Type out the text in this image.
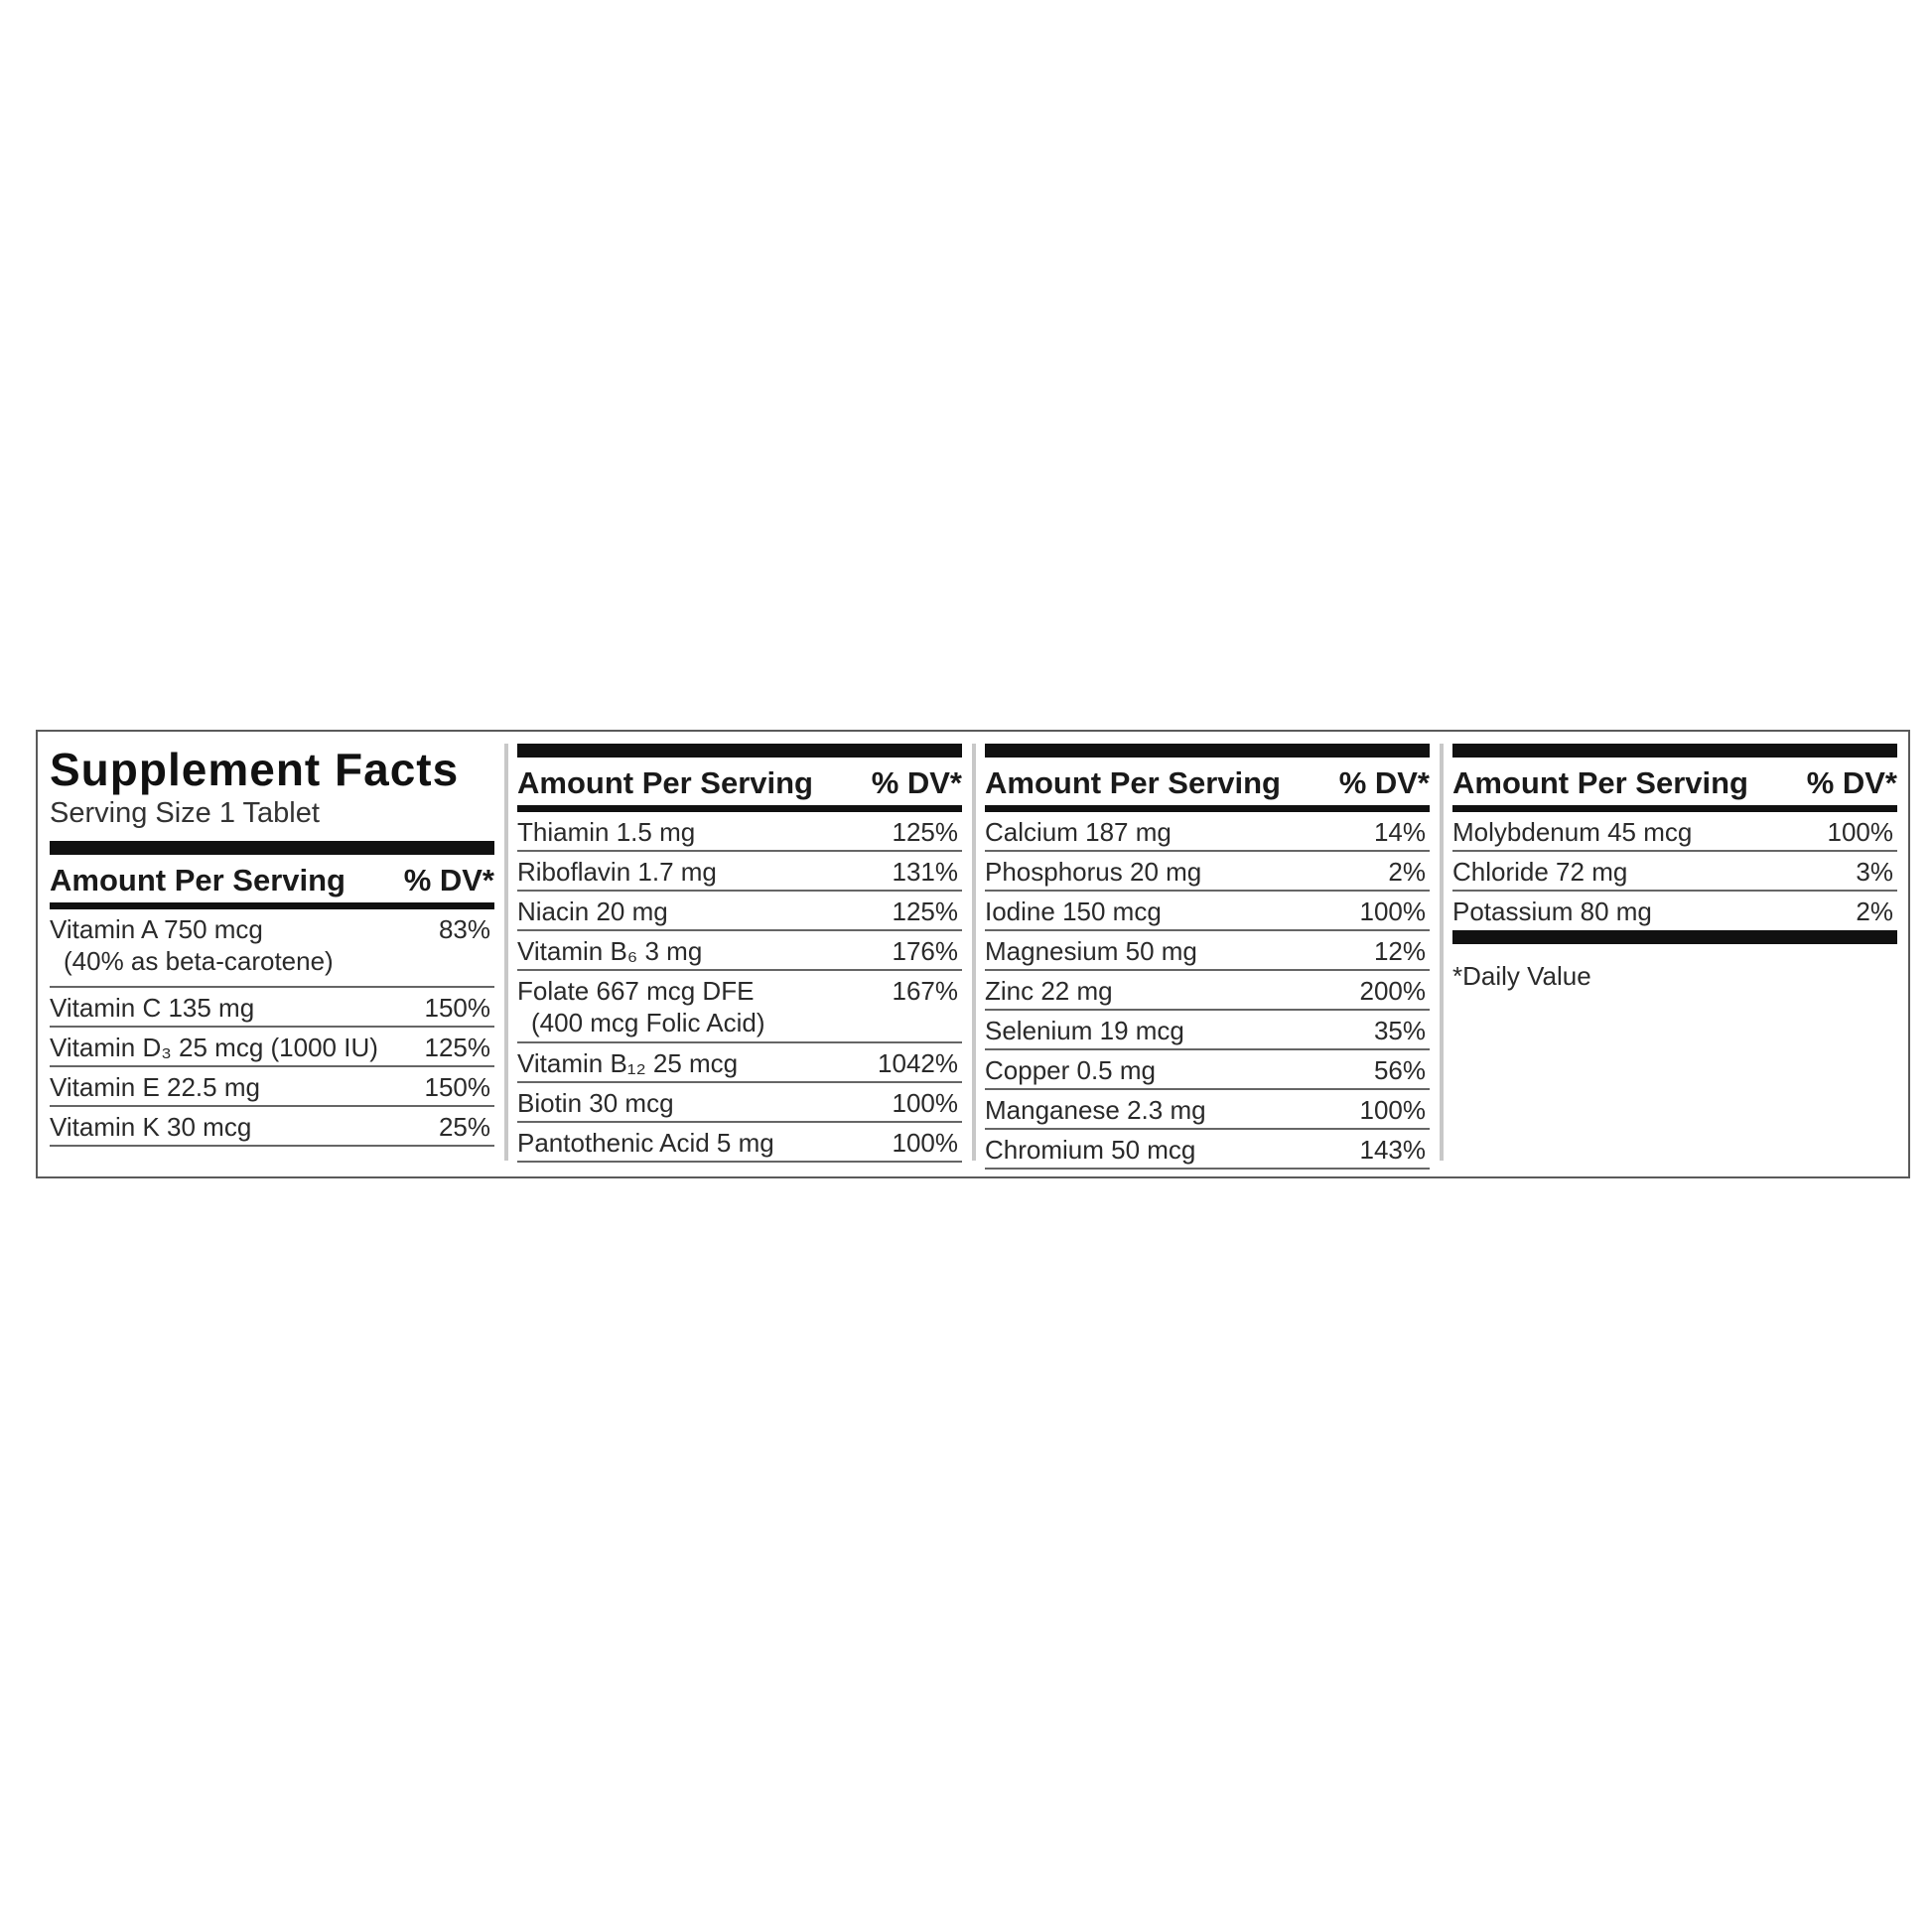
Supplement Facts
Serving Size 1 Tablet
Amount Per Serving % DV*
Vitamin A 750 mcg
(40% as beta-carotene)
83%
Vitamin C 135 mg	150%
Vitamin D₃ 25 mcg (1000 IU) 125%
Vitamin E 22.5 mg	150%
Vitamin K 30 mcg	25%
Amount Per Serving % DV*
Thiamin 1.5 mg	125%
Riboflavin 1.7 mg	131%
Niacin 20 mg	125%
Vitamin B₆ 3 mg	176%
Folate 667 mcg DFE
(400 mcg Folic Acid)
167%
Vitamin B₁₂ 25 mcg	1042%
Biotin 30 mcg	100%
Pantothenic Acid 5 mg	100%
Amount Per Serving % DV*
Calcium 187 mg	14%
Phosphorus 20 mg	2%
Iodine 150 mcg	100%
Magnesium 50 mg	12%
Zinc 22 mg	200%
Selenium 19 mcg	35%
Copper 0.5 mg	56%
Manganese 2.3 mg	100%
Chromium 50 mcg	143%
Amount Per Serving % DV*
Molybdenum 45 mcg	100%
Chloride 72 mg	3%
Potassium 80 mg	2%
*Daily Value
